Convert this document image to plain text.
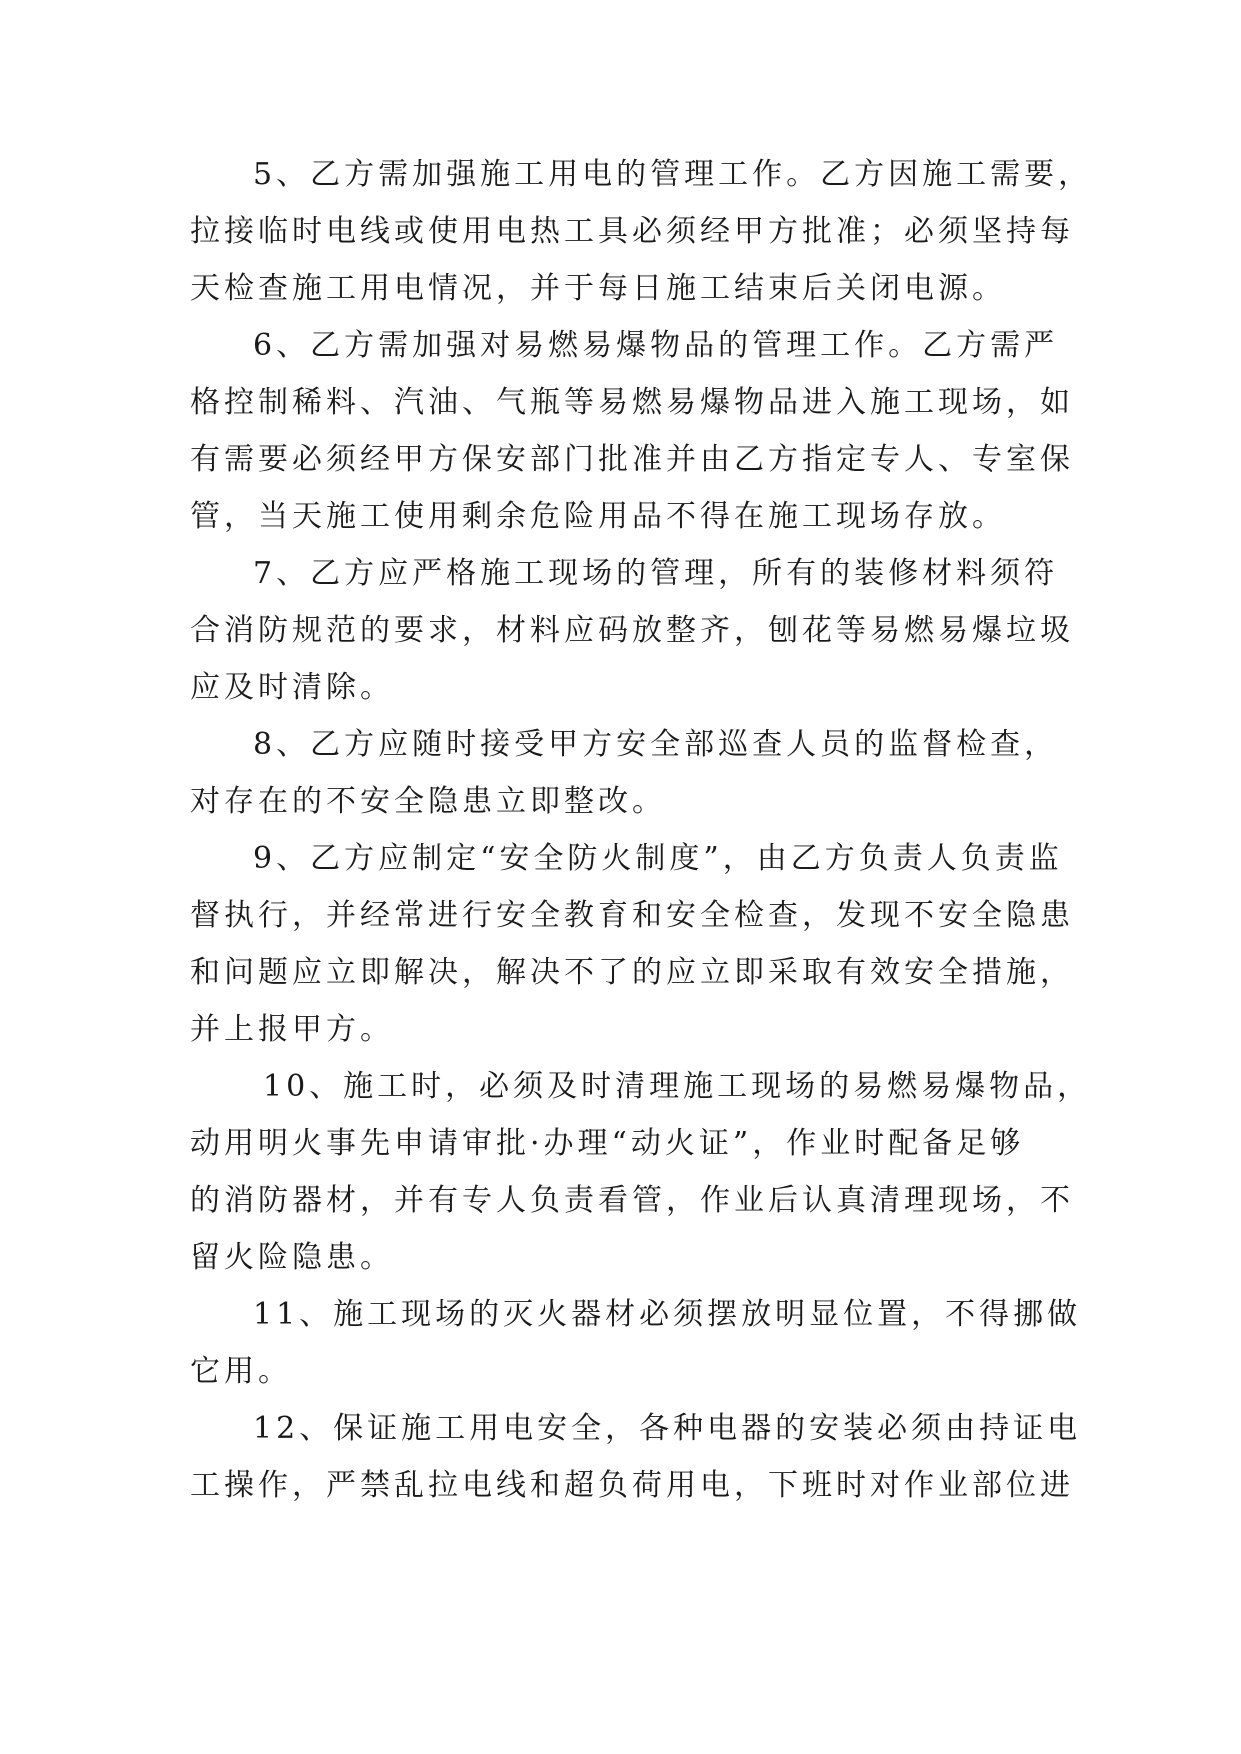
5、乙方需加强施工用电的管理工作。乙方因施工需要，
拉接临时电线或使用电热工具必须经甲方批准；必须坚持每
天检查施工用电情况，并于每日施工结束后关闭电源。
6、乙方需加强对易燃易爆物品的管理工作。乙方需严
格控制稀料、汽油、气瓶等易燃易爆物品进入施工现场，如
有需要必须经甲方保安部门批准并由乙方指定专人、专室保
管，当天施工使用剩余危险用品不得在施工现场存放。
7、乙方应严格施工现场的管理，所有的装修材料须符
合消防规范的要求，材料应码放整齐，刨花等易燃易爆垃圾
应及时清除。
8、乙方应随时接受甲方安全部巡查人员的监督检查，
对存在的不安全隐患立即整改。
9、乙方应制定“安全防火制度”，由乙方负责人负责监
督执行，并经常进行安全教育和安全检查，发现不安全隐患
和问题应立即解决，解决不了的应立即采取有效安全措施，
并上报甲方。
10、施工时，必须及时清理施工现场的易燃易爆物品，
动用明火事先申请审批·办理“动火证”，作业时配备足够
的消防器材，并有专人负责看管，作业后认真清理现场，不
留火险隐患。
11、施工现场的灭火器材必须摆放明显位置，不得挪做
它用。
12、保证施工用电安全，各种电器的安装必须由持证电
工操作，严禁乱拉电线和超负荷用电，下班时对作业部位进
